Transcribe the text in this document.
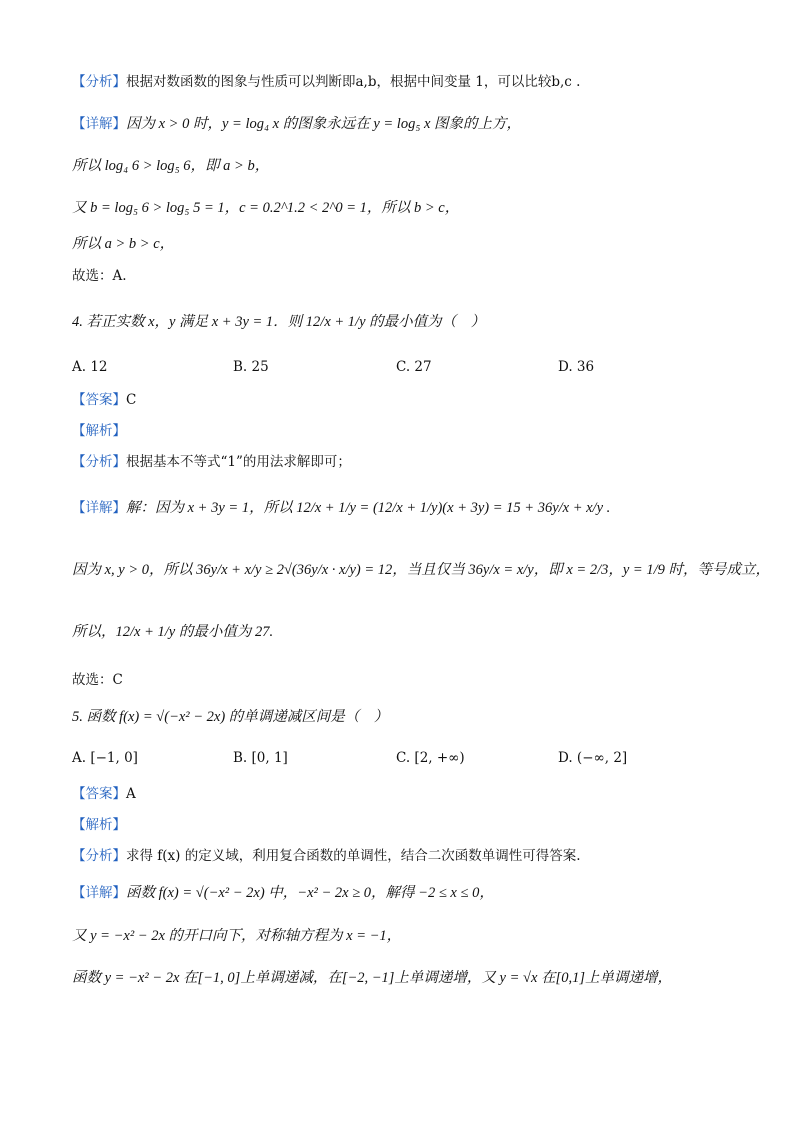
【分析】根据对数函数的图象与性质可以判断即a,b，根据中间变量 1，可以比较b,c .
【详解】因为 x > 0 时，y = log₄ x 的图象永远在 y = log₅ x 图象的上方，
所以 log₄ 6 > log₅ 6，即 a > b，
又 b = log₅ 6 > log₅ 5 = 1，c = 0.2^1.2 < 2^0 = 1，所以 b > c，
所以 a > b > c，
故选：A.
4. 若正实数 x，y 满足 x + 3y = 1．则 12/x + 1/y 的最小值为（　）
A. 12	B. 25	C. 27	D. 36
【答案】C
【解析】
【分析】根据基本不等式“1”的用法求解即可；
【详解】解：因为 x + 3y = 1，所以 12/x + 1/y = (12/x + 1/y)(x + 3y) = 15 + 36y/x + x/y .
因为 x, y > 0，所以 36y/x + x/y ≥ 2√(36y/x · x/y) = 12，当且仅当 36y/x = x/y，即 x = 2/3，y = 1/9 时，等号成立，
所以，12/x + 1/y 的最小值为 27.
故选：C
5. 函数 f(x) = √(−x² − 2x) 的单调递减区间是（　）
A. [−1, 0]	B. [0, 1]	C. [2, +∞)	D. (−∞, 2]
【答案】A
【解析】
【分析】求得 f(x) 的定义域，利用复合函数的单调性，结合二次函数单调性可得答案.
【详解】函数 f(x) = √(−x² − 2x) 中，−x² − 2x ≥ 0，解得 −2 ≤ x ≤ 0，
又 y = −x² − 2x 的开口向下，对称轴方程为 x = −1，
函数 y = −x² − 2x 在[−1, 0]上单调递减，在[−2, −1]上单调递增，又 y = √x 在[0,1]上单调递增，
